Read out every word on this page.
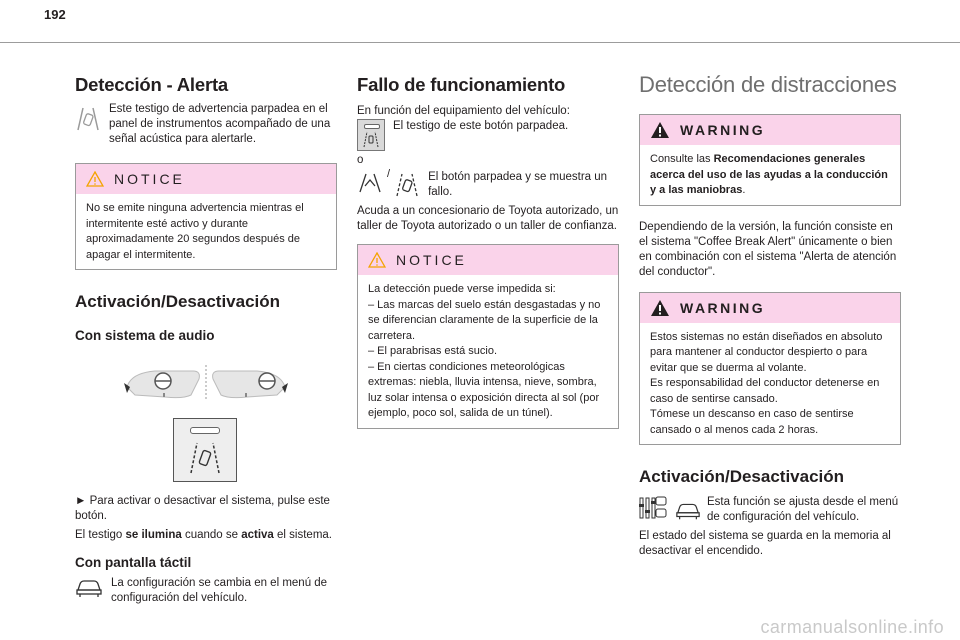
192
Detección - Alerta

Este testigo de advertencia parpadea en el panel de instrumentos acompañado de una señal acústica para alertarle.

NOTICE
No se emite ninguna advertencia mientras el intermitente esté activo y durante aproximadamente 20 segundos después de apagar el intermitente.
Activación/Desactivación
Con sistema de audio

► Para activar o desactivar el sistema, pulse este botón.

El testigo se ilumina cuando se activa el sistema.

Con pantalla táctil

La configuración se cambia en el menú de configuración del vehículo.

Fallo de funcionamiento

En función del equipamiento del vehículo:

El testigo de este botón parpadea.

o

/	El botón parpadea y se muestra un fallo.

Acuda a un concesionario de Toyota autorizado, un taller de Toyota autorizado o un taller de confianza.

NOTICE
La detección puede verse impedida si:
– Las marcas del suelo están desgastadas y no se diferencian claramente de la superficie de la carretera.
– El parabrisas está sucio.
– En ciertas condiciones meteorológicas extremas: niebla, lluvia intensa, nieve, sombra, luz solar intensa o exposición directa al sol (por ejemplo, poco sol, salida de un túnel).
Detección de distracciones
WARNING
Consulte las Recomendaciones generales acerca del uso de las ayudas a la conducción y a las maniobras.

Dependiendo de la versión, la función consiste en el sistema "Coffee Break Alert" únicamente o bien en combinación con el sistema "Alerta de atención del conductor".

WARNING
Estos sistemas no están diseñados en absoluto para mantener al conductor despierto o para evitar que se duerma al volante.
Es responsabilidad del conductor detenerse en caso de sentirse cansado.
Tómese un descanso en caso de sentirse cansado o al menos cada 2 horas.
Activación/Desactivación

Esta función se ajusta desde el menú de configuración del vehículo.

El estado del sistema se guarda en la memoria al desactivar el encendido.

carmanualsonline.info
